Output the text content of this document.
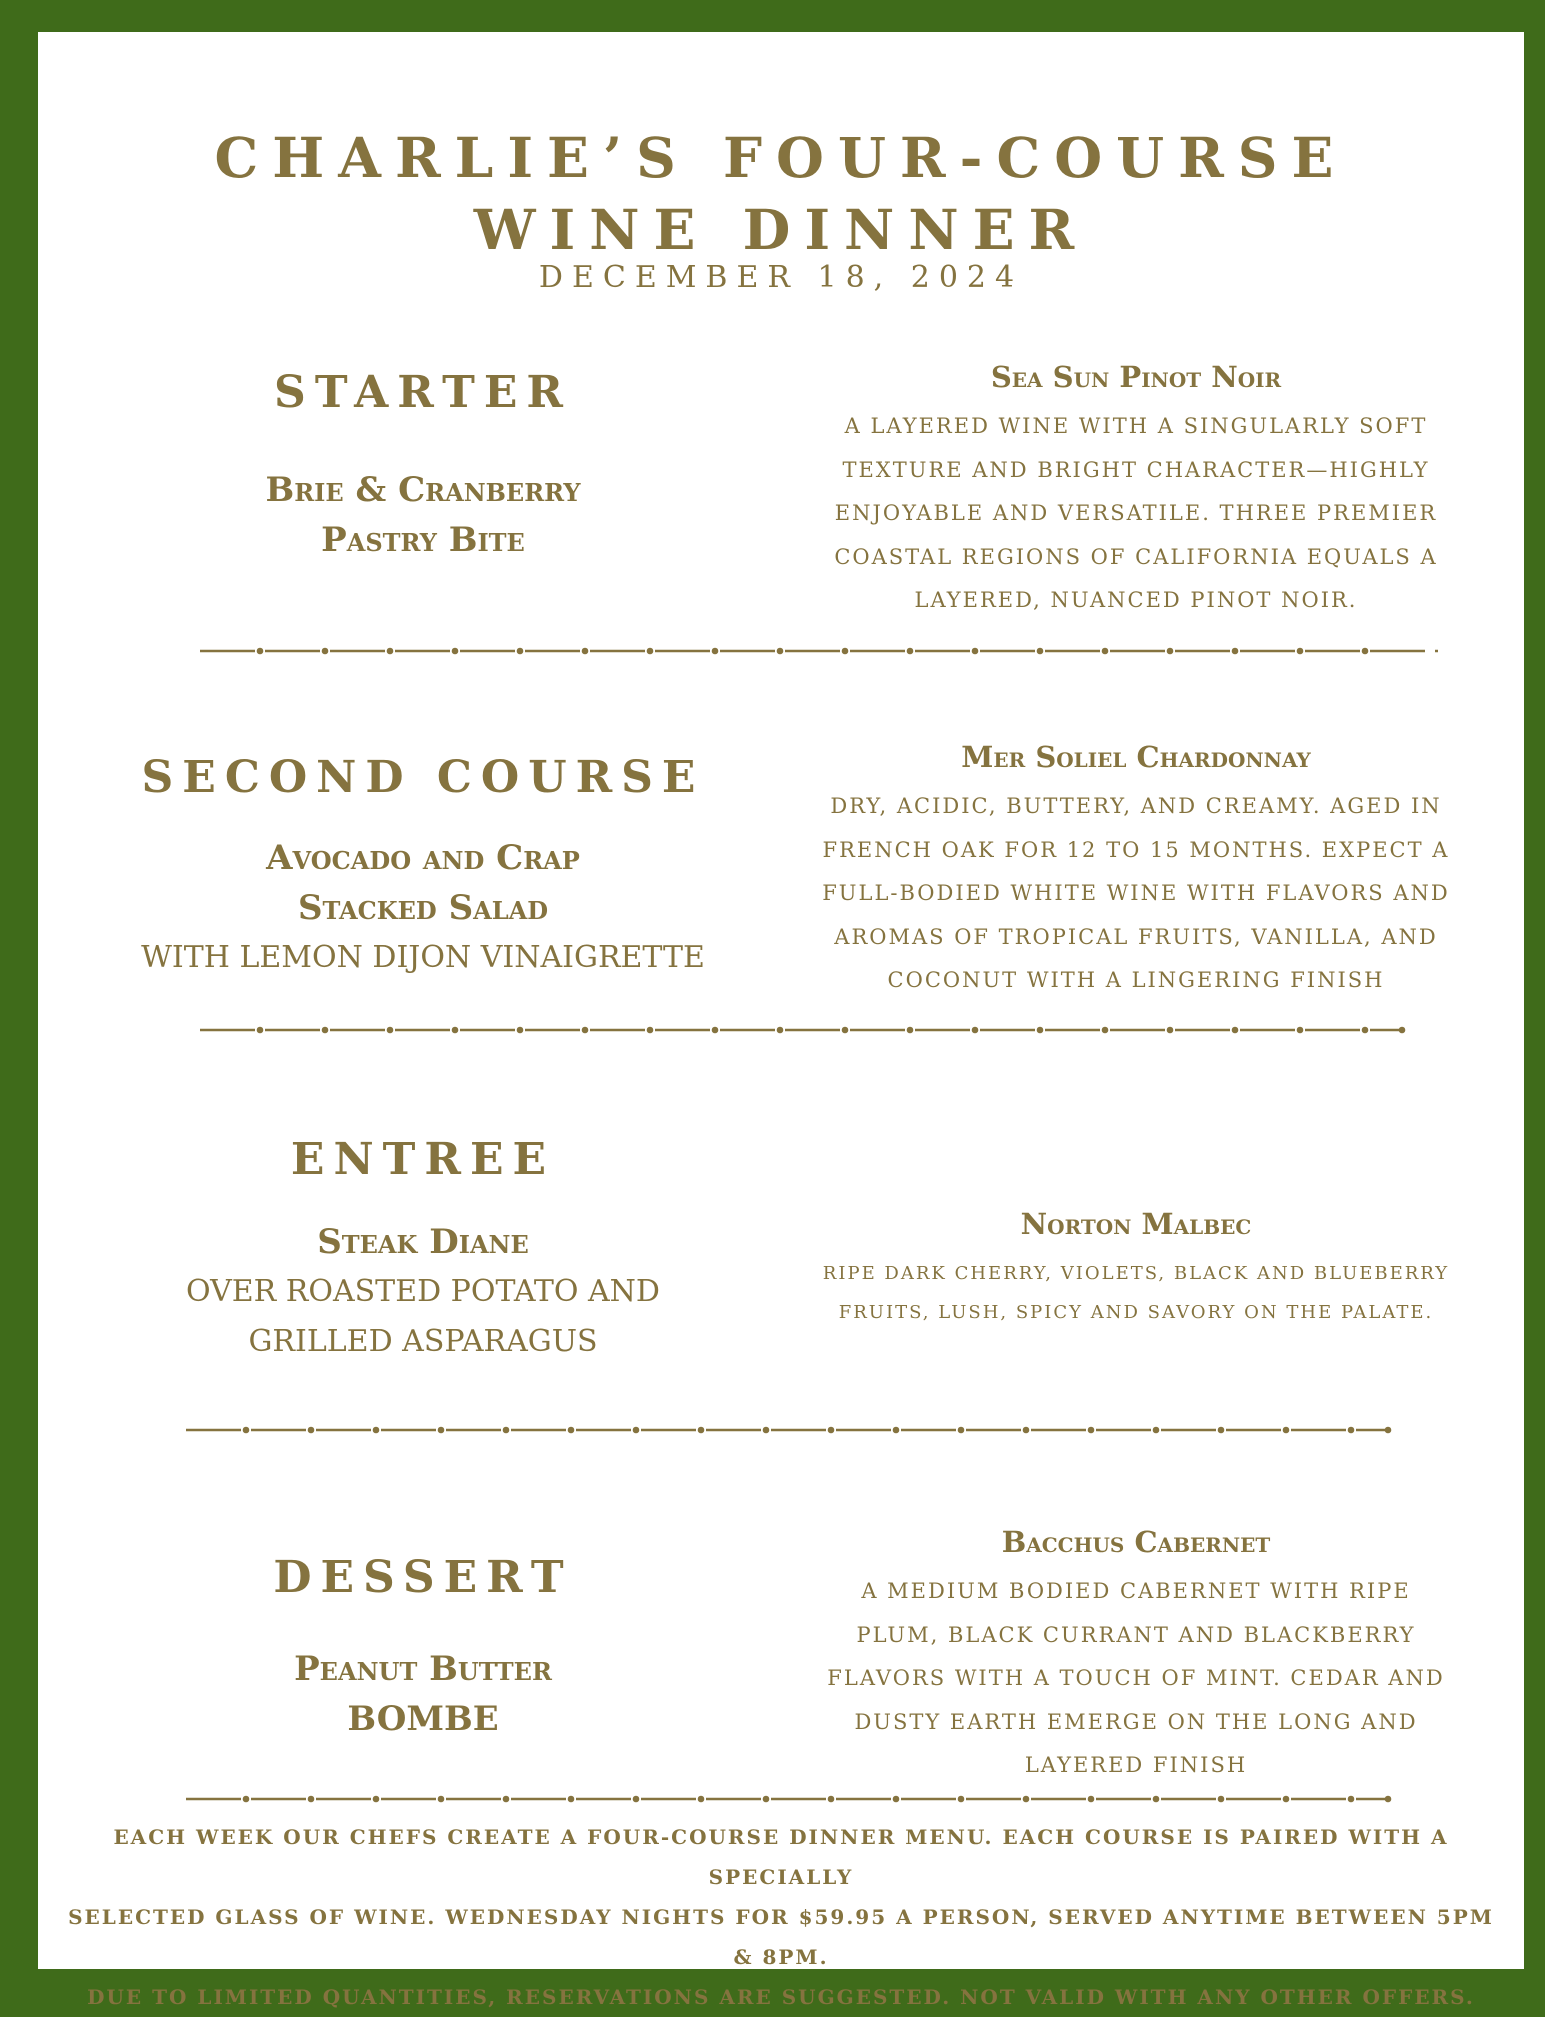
CHARLIE’S FOUR-COURSE
WINE DINNER
DECEMBER 18, 2024
STARTER
Brie & Cranberry
Pastry Bite
Sea Sun Pinot Noir
A LAYERED WINE WITH A SINGULARLY SOFT
TEXTURE AND BRIGHT CHARACTER—HIGHLY
ENJOYABLE AND VERSATILE. THREE PREMIER
COASTAL REGIONS OF CALIFORNIA EQUALS A
LAYERED, NUANCED PINOT NOIR.
SECOND COURSE
Avocado and Crap
Stacked Salad
WITH LEMON DIJON VINAIGRETTE
Mer Soliel Chardonnay
DRY, ACIDIC, BUTTERY, AND CREAMY. AGED IN
FRENCH OAK FOR 12 TO 15 MONTHS. EXPECT A
FULL-BODIED WHITE WINE WITH FLAVORS AND
AROMAS OF TROPICAL FRUITS, VANILLA, AND
COCONUT WITH A LINGERING FINISH
ENTREE
Steak Diane
OVER ROASTED POTATO AND
GRILLED ASPARAGUS
Norton Malbec
RIPE DARK CHERRY, VIOLETS, BLACK AND BLUEBERRY
FRUITS, LUSH, SPICY AND SAVORY ON THE PALATE.
DESSERT
Peanut Butter
BOMBE
Bacchus Cabernet
A MEDIUM BODIED CABERNET WITH RIPE
PLUM, BLACK CURRANT AND BLACKBERRY
FLAVORS WITH A TOUCH OF MINT. CEDAR AND
DUSTY EARTH EMERGE ON THE LONG AND
LAYERED FINISH
EACH WEEK OUR CHEFS CREATE A FOUR-COURSE DINNER MENU. EACH COURSE IS PAIRED WITH A SPECIALLY
SELECTED GLASS OF WINE. WEDNESDAY NIGHTS FOR $59.95 A PERSON, SERVED ANYTIME BETWEEN 5PM & 8PM.
DUE TO LIMITED QUANTITIES, RESERVATIONS ARE SUGGESTED. NOT VALID WITH ANY OTHER OFFERS.
